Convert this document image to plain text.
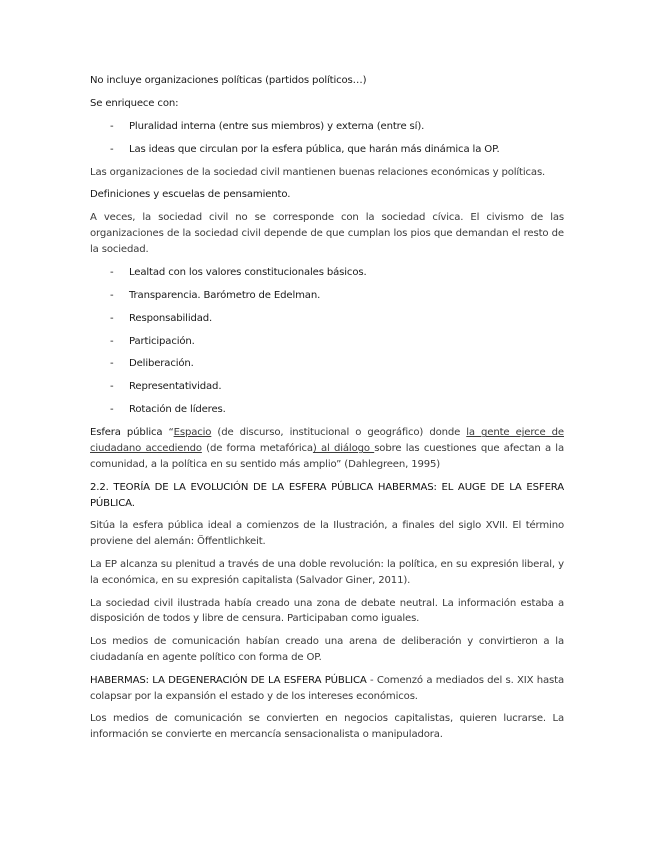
No incluye organizaciones políticas (partidos políticos…)

Se enriquece con:

- Pluralidad interna (entre sus miembros) y externa (entre sí).
- Las ideas que circulan por la esfera pública, que harán más dinámica la OP.

Las organizaciones de la sociedad civil mantienen buenas relaciones económicas y políticas.

Definiciones y escuelas de pensamiento.

A veces, la sociedad civil no se corresponde con la sociedad cívica. El civismo de las organizaciones de la sociedad civil depende de que cumplan los pios que demandan el resto de la sociedad.

- Lealtad con los valores constitucionales básicos.
- Transparencia. Barómetro de Edelman.
- Responsabilidad.
- Participación.
- Deliberación.
- Representatividad.
- Rotación de líderes.

Esfera pública “Espacio (de discurso, institucional o geográfico) donde la gente ejerce de ciudadano accediendo (de forma metafórica) al diálogo sobre las cuestiones que afectan a la comunidad, a la política en su sentido más amplio” (Dahlegreen, 1995)

2.2. TEORÍA DE LA EVOLUCIÓN DE LA ESFERA PÚBLICA HABERMAS: EL AUGE DE LA ESFERA PÚBLICA.

Sitúa la esfera pública ideal a comienzos de la Ilustración, a finales del siglo XVII. El término proviene del alemán: Öffentlichkeit.

La EP alcanza su plenitud a través de una doble revolución: la política, en su expresión liberal, y la económica, en su expresión capitalista (Salvador Giner, 2011).

La sociedad civil ilustrada había creado una zona de debate neutral. La información estaba a disposición de todos y libre de censura. Participaban como iguales.

Los medios de comunicación habían creado una arena de deliberación y convirtieron a la ciudadanía en agente político con forma de OP.

HABERMAS: LA DEGENERACIÓN DE LA ESFERA PÚBLICA - Comenzó a mediados del s. XIX hasta colapsar por la expansión el estado y de los intereses económicos.

Los medios de comunicación se convierten en negocios capitalistas, quieren lucrarse. La información se convierte en mercancía sensacionalista o manipuladora.
